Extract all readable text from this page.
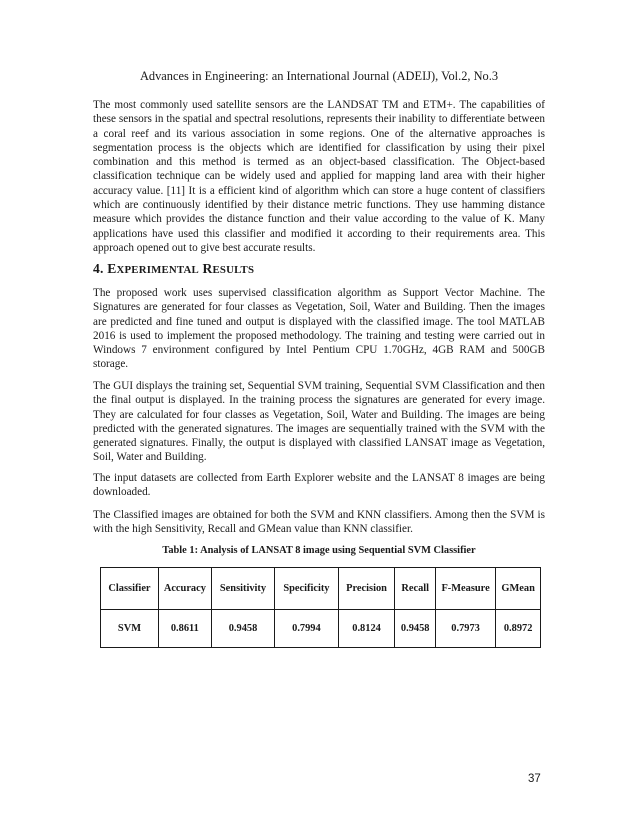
Advances in Engineering: an International Journal (ADEIJ), Vol.2, No.3

The most commonly used satellite sensors are the LANDSAT TM and ETM+. The capabilities of these sensors in the spatial and spectral resolutions, represents their inability to differentiate between a coral reef and its various association in some regions. One of the alternative approaches is segmentation process is the objects which are identified for classification by using their pixel combination and this method is termed as an object-based classification. The Object-based classification technique can be widely used and applied for mapping land area with their higher accuracy value. [11] It is a efficient kind of algorithm which can store a huge content of classifiers which are continuously identified by their distance metric functions. They use hamming distance measure which provides the distance function and their value according to the value of K. Many applications have used this classifier and modified it according to their requirements area. This approach opened out to give best accurate results.

4. EXPERIMENTAL RESULTS

The proposed work uses supervised classification algorithm as Support Vector Machine. The Signatures are generated for four classes as Vegetation, Soil, Water and Building. Then the images are predicted and fine tuned and output is displayed with the classified image. The tool MATLAB 2016 is used to implement the proposed methodology. The training and testing were carried out in Windows 7 environment configured by Intel Pentium CPU 1.70GHz, 4GB RAM and 500GB storage.

The GUI displays the training set, Sequential SVM training, Sequential SVM Classification and then the final output is displayed. In the training process the signatures are generated for every image. They are calculated for four classes as Vegetation, Soil, Water and Building. The images are being predicted with the generated signatures. The images are sequentially trained with the SVM with the generated signatures. Finally, the output is displayed with classified LANSAT image as Vegetation, Soil, Water and Building.

The input datasets are collected from Earth Explorer website and the LANSAT 8 images are being downloaded.

The Classified images are obtained for both the SVM and KNN classifiers. Among then the SVM is with the high Sensitivity, Recall and GMean value than KNN classifier.

Table 1: Analysis of LANSAT 8 image using Sequential SVM Classifier
Classifier	Accuracy	Sensitivity	Specificity	Precision	Recall	F-Measure	GMean
SVM	0.8611	0.9458	0.7994	0.8124	0.9458	0.7973	0.8972
37
